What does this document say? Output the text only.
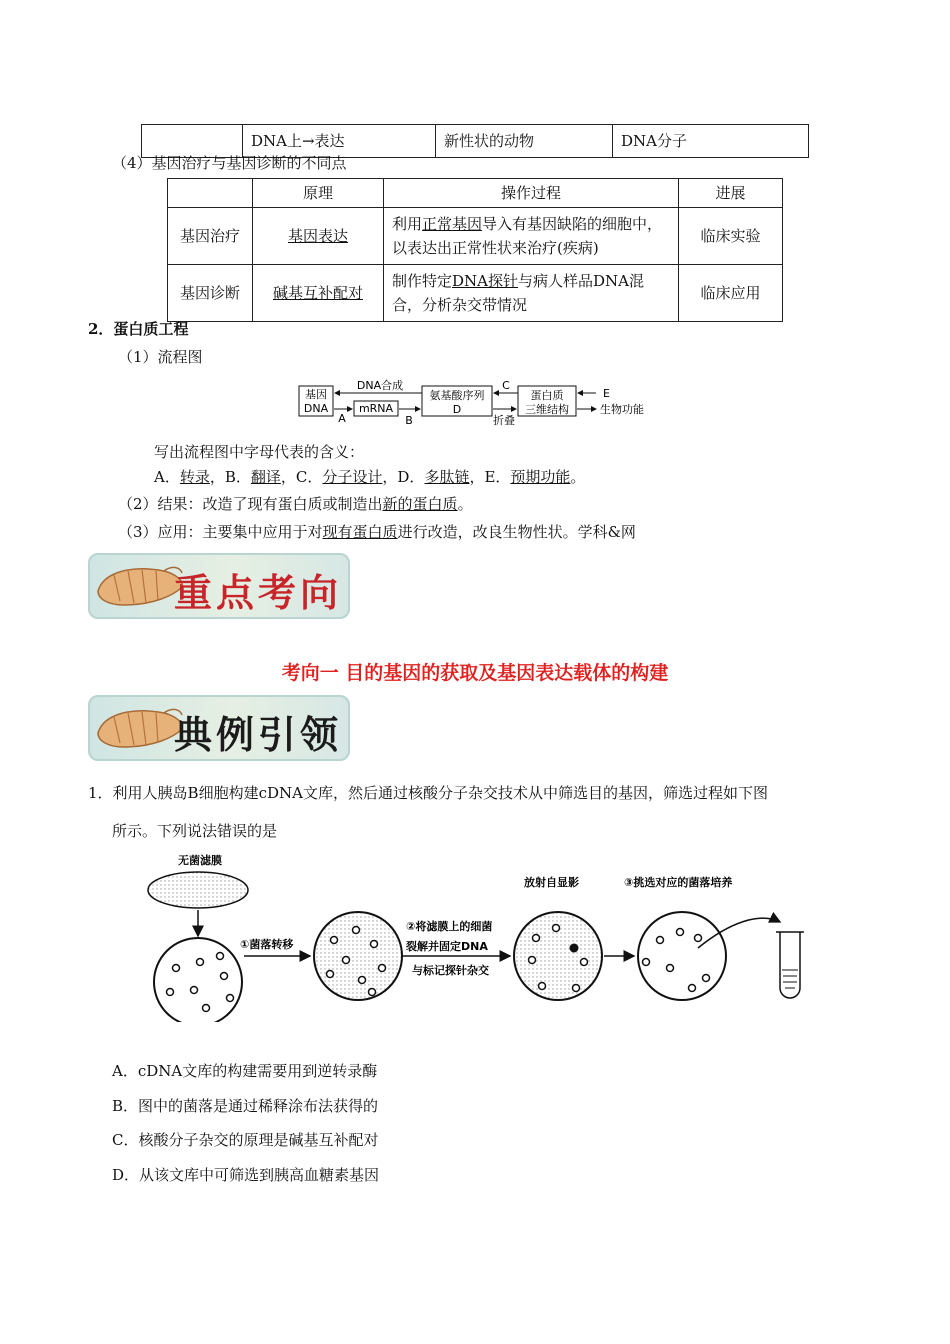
	DNA上→表达	新性状的动物	DNA分子
（4）基因治疗与基因诊断的不同点
	原理	操作过程	进展
基因治疗	基因表达	利用正常基因导入有基因缺陷的细胞中，以表达出正常性状来治疗(疾病)	临床实验
基因诊断	碱基互补配对	制作特定DNA探针与病人样品DNA混合，分析杂交带情况	临床应用
2．蛋白质工程
（1）流程图
基因
DNA	mRNA
氨基酸序列
D
蛋白质
三维结构
DNA合成
A	B
C
折叠
E
生物功能
写出流程图中字母代表的含义：
A．转录，B．翻译，C．分子设计，D．多肽链，E．预期功能。
（2）结果：改造了现有蛋白质或制造出新的蛋白质。
（3）应用：主要集中应用于对现有蛋白质进行改造，改良生物性状。学科&网
重点考向
考向一 目的基因的获取及基因表达载体的构建
典例引领
1．利用人胰岛B细胞构建cDNA文库，然后通过核酸分子杂交技术从中筛选目的基因，筛选过程如下图
所示。下列说法错误的是
无菌滤膜
①菌落转移
②将滤膜上的细菌
裂解并固定DNA
与标记探针杂交
放射自显影	③挑选对应的菌落培养
A．cDNA文库的构建需要用到逆转录酶
B．图中的菌落是通过稀释涂布法获得的
C．核酸分子杂交的原理是碱基互补配对
D．从该文库中可筛选到胰高血糖素基因
